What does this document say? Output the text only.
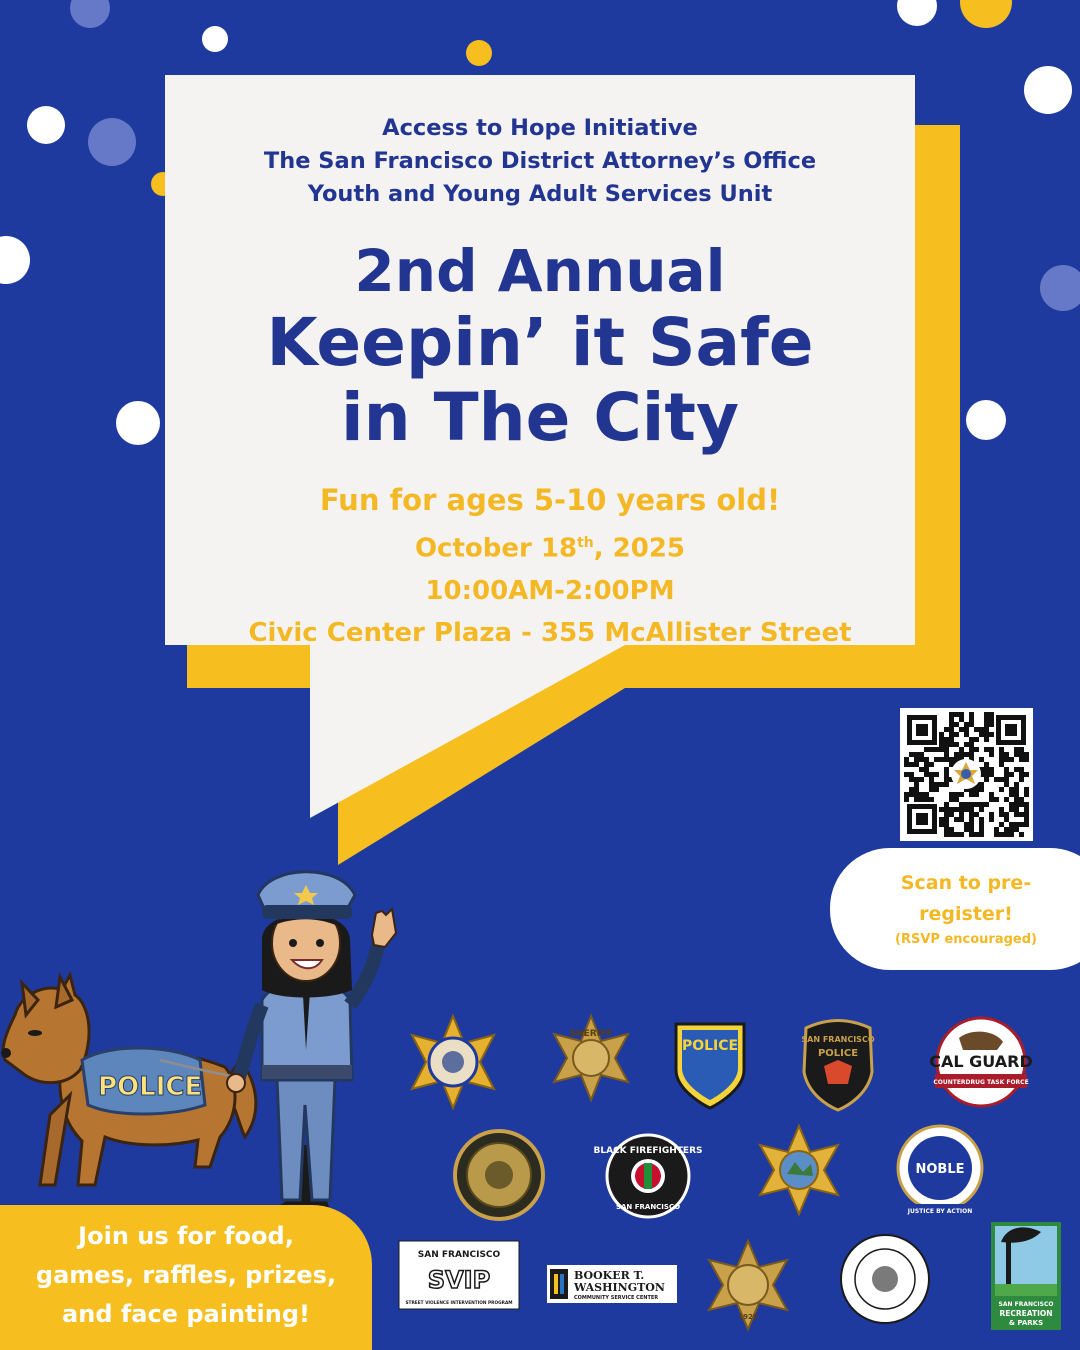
Access to Hope Initiative
The San Francisco District Attorney’s Office
Youth and Young Adult Services Unit
2nd Annual
Keepin’ it Safe
in The City
Fun for ages 5-10 years old!
October 18th, 2025
10:00AM-2:00PM
Civic Center Plaza - 355 McAllister Street
Scan to pre-
register!
(RSVP encouraged)
POLICE
SHERIFF
POLICE	SAN FRANCISCO
POLICE	CAL GUARD
COUNTERDRUG TASK FORCE
BLACK FIREFIGHTERS
SAN FRANCISCO
NOBLE
JUSTICE BY ACTION
SAN FRANCISCO
SVIP
STREET VIOLENCE INTERVENTION PROGRAM
BOOKER T.
WASHINGTON
COMMUNITY SERVICE CENTER
1929
SAN FRANCISCO
RECREATION
& PARKS
Join us for food,
games, raffles, prizes,
and face painting!
